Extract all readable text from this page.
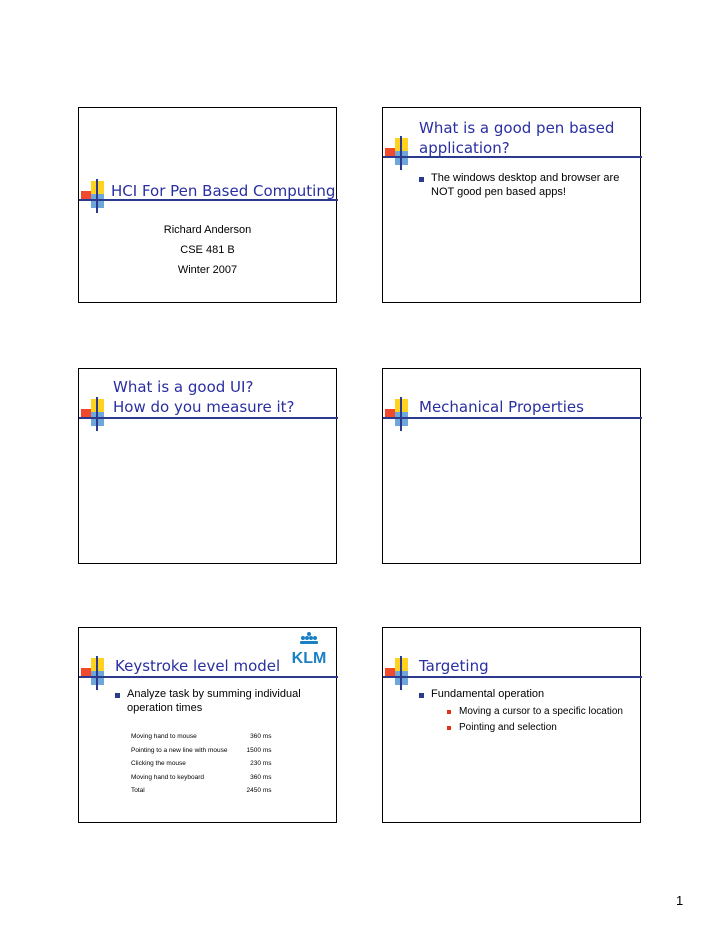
HCI For Pen Based Computing
Richard Anderson
CSE 481 B
Winter 2007
What is a good pen based
application?
The windows desktop and browser are NOT good pen based apps!
What is a good UI?
How do you measure it?	Mechanical Properties
Keystroke level model KLM
Analyze task by summing individual operation times
Moving hand to mouse	360 ms
Pointing to a new line with mouse	1500 ms
Clicking the mouse	230 ms
Moving hand to keyboard	360 ms
Total	2450 ms
Targeting
Fundamental operation
Moving a cursor to a specific location
Pointing and selection
1
